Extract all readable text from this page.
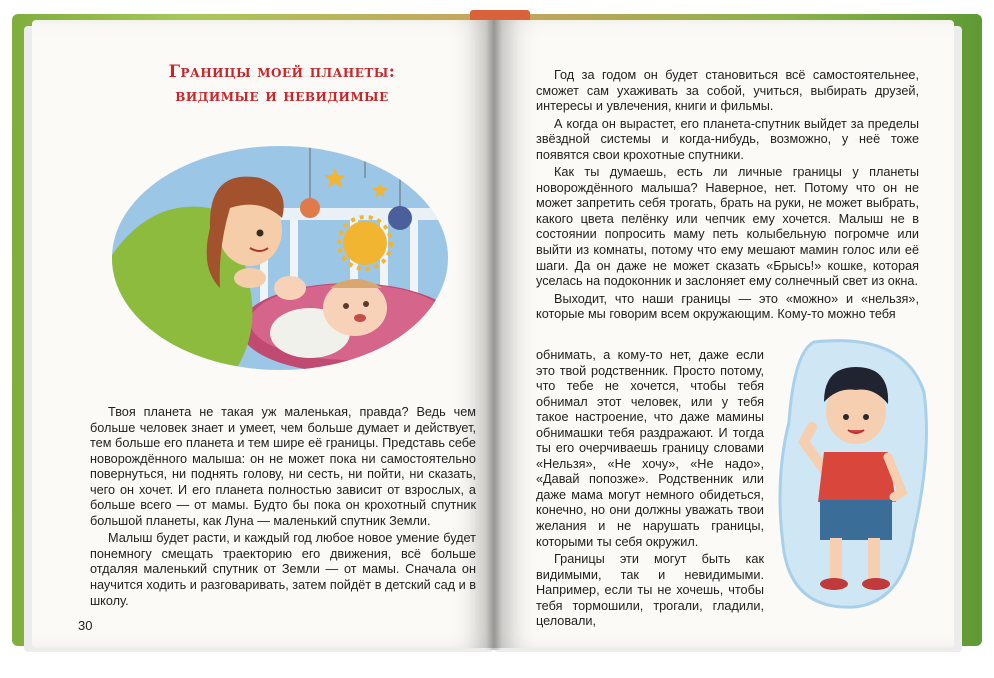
Границы моей планеты:
видимые и невидимые

Твоя планета не такая уж маленькая, правда? Ведь чем больше человек знает и умеет, чем больше думает и действует, тем больше его планета и тем шире её границы. Представь себе новорождённого малыша: он не может пока ни самостоятельно повернуться, ни поднять голову, ни сесть, ни пойти, ни сказать, чего он хочет. И его планета полностью зависит от взрослых, а больше всего — от мамы. Будто бы пока он крохотный спутник большой планеты, как Луна — маленький спутник Земли.

Малыш будет расти, и каждый год любое новое умение будет понемногу смещать траекторию его движения, всё больше отдаляя маленький спутник от Земли — от мамы. Сначала он научится ходить и разговаривать, затем пойдёт в детский сад и в школу.

30

Год за годом он будет становиться всё самостоятельнее, сможет сам ухаживать за собой, учиться, выбирать друзей, интересы и увлечения, книги и фильмы.

А когда он вырастет, его планета-спутник выйдет за пределы звёздной системы и когда-нибудь, возможно, у неё тоже появятся свои крохотные спутники.

Как ты думаешь, есть ли личные границы у планеты новорождённого малыша? Наверное, нет. Потому что он не может запретить себя трогать, брать на руки, не может выбрать, какого цвета пелёнку или чепчик ему хочется. Малыш не в состоянии попросить маму петь колыбельную погромче или выйти из комнаты, потому что ему мешают мамин голос или её шаги. Да он даже не может сказать «Брысь!» кошке, которая уселась на подоконник и заслоняет ему солнечный свет из окна.

Выходит, что наши границы — это «можно» и «нельзя», которые мы говорим всем окружающим. Кому-то можно тебя

обнимать, а кому-то нет, даже если это твой родственник. Просто потому, что тебе не хочется, чтобы тебя обнимал этот человек, или у тебя такое настроение, что даже мамины обнимашки тебя раздражают. И тогда ты его очерчиваешь границу словами «Нельзя», «Не хочу», «Не надо», «Давай попозже». Родственник или даже мама могут немного обидеться, конечно, но они должны уважать твои желания и не нарушать границы, которыми ты себя окружил.

Границы эти могут быть как видимыми, так и невидимыми. Например, если ты не хочешь, чтобы тебя тормошили, трогали, гладили, целовали,
